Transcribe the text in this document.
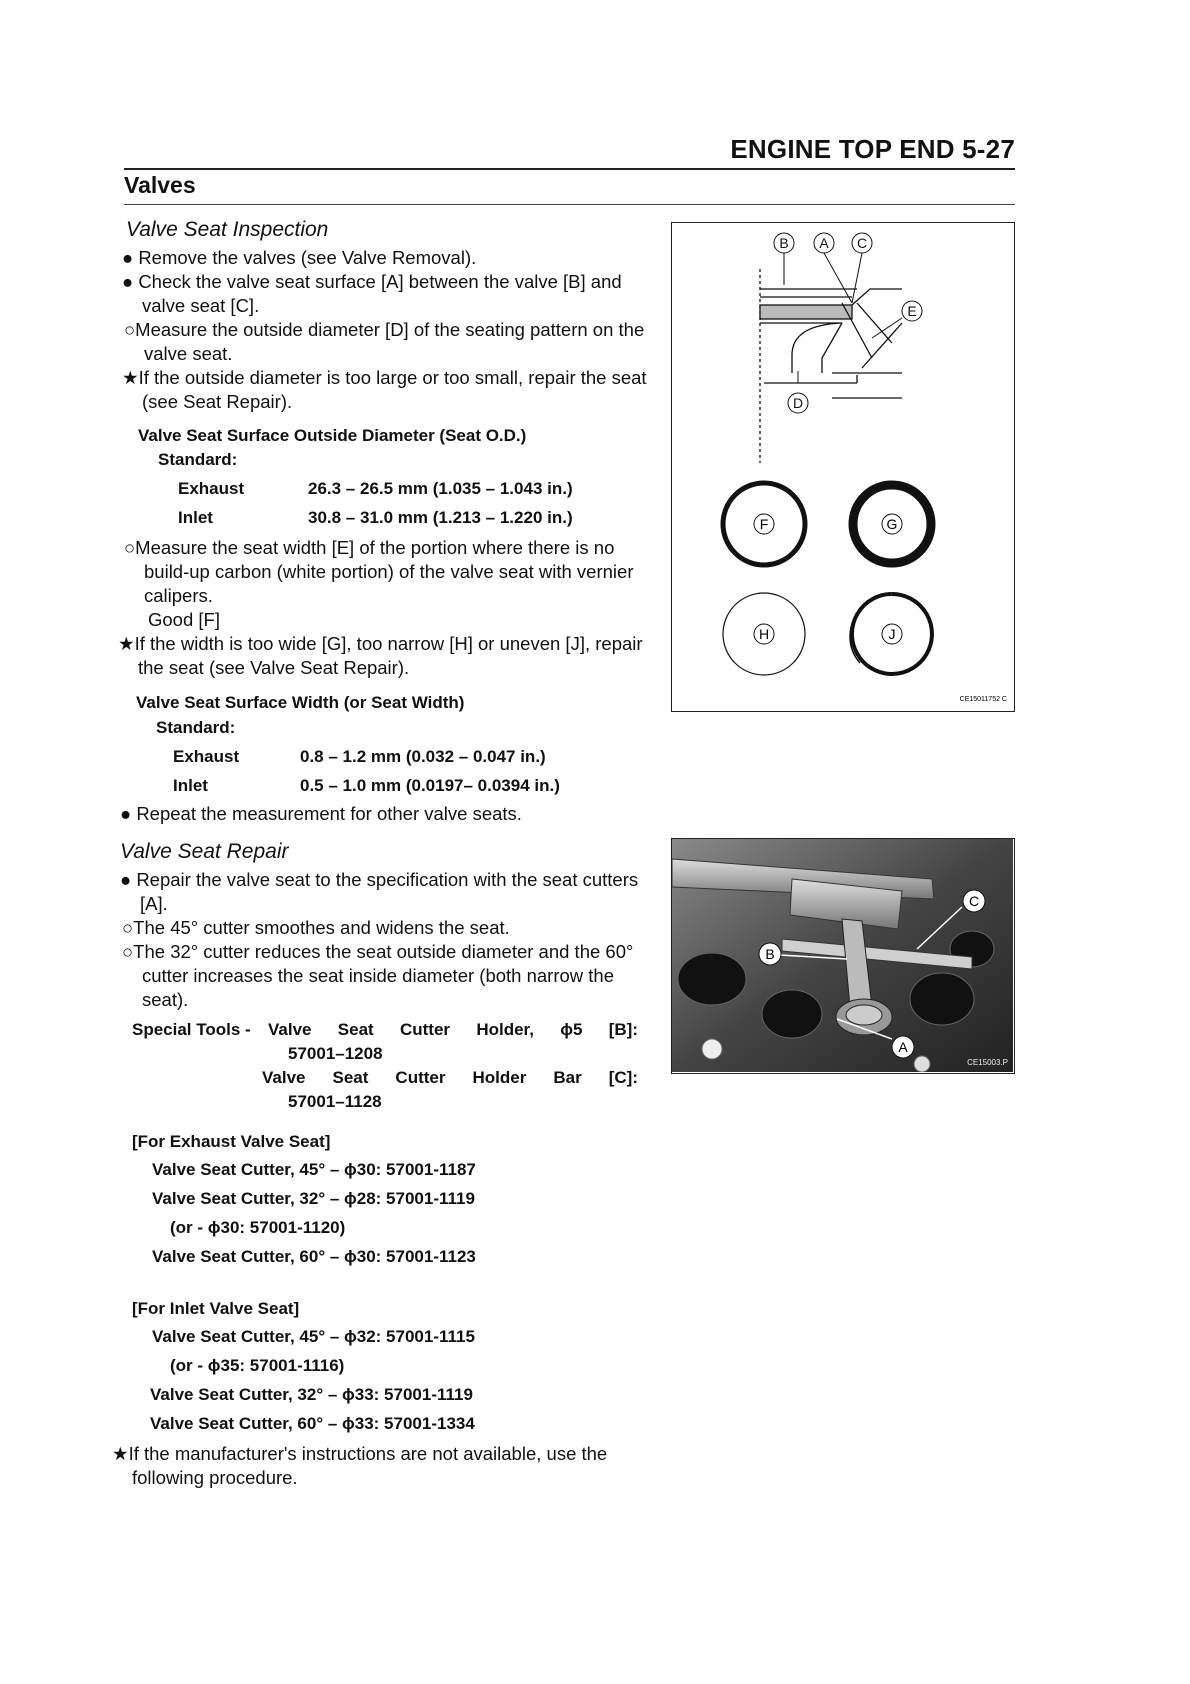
ENGINE TOP END 5-27
Valves
Valve Seat Inspection
● Remove the valves (see Valve Removal).
● Check the valve seat surface [A] between the valve [B] and valve seat [C].
○Measure the outside diameter [D] of the seating pattern on the valve seat.
★If the outside diameter is too large or too small, repair the seat (see Seat Repair).
Valve Seat Surface Outside Diameter (Seat O.D.)
Standard:
Exhaust	26.3 – 26.5 mm (1.035 – 1.043 in.)
Inlet	30.8 – 31.0 mm (1.213 – 1.220 in.)
○Measure the seat width [E] of the portion where there is no build-up carbon (white portion) of the valve seat with vernier calipers.
Good [F]
★If the width is too wide [G], too narrow [H] or uneven [J], repair the seat (see Valve Seat Repair).
Valve Seat Surface Width (or Seat Width)
Standard:
Exhaust	0.8 – 1.2 mm (0.032 – 0.047 in.)
Inlet	0.5 – 1.0 mm (0.0197– 0.0394 in.)
● Repeat the measurement for other valve seats.
Valve Seat Repair
● Repair the valve seat to the specification with the seat cutters [A].
○The 45° cutter smoothes and widens the seat.
○The 32° cutter reduces the seat outside diameter and the 60° cutter increases the seat inside diameter (both narrow the seat).
Special Tools - Valve Seat Cutter Holder, ϕ5 [B]:
57001–1208
Valve Seat Cutter Holder Bar [C]:
57001–1128
[For Exhaust Valve Seat]
Valve Seat Cutter, 45° – ϕ30: 57001-1187
Valve Seat Cutter, 32° – ϕ28: 57001-1119
(or - ϕ30: 57001-1120)
Valve Seat Cutter, 60° – ϕ30: 57001-1123
[For Inlet Valve Seat]
Valve Seat Cutter, 45° – ϕ32: 57001-1115
(or - ϕ35: 57001-1116)
Valve Seat Cutter, 32° – ϕ33: 57001-1119
Valve Seat Cutter, 60° – ϕ33: 57001-1334
★If the manufacturer's instructions are not available, use the following procedure.
B A C
E
D
F	G
H	J
CE15011752 C
B
A
C
CE15003.P
